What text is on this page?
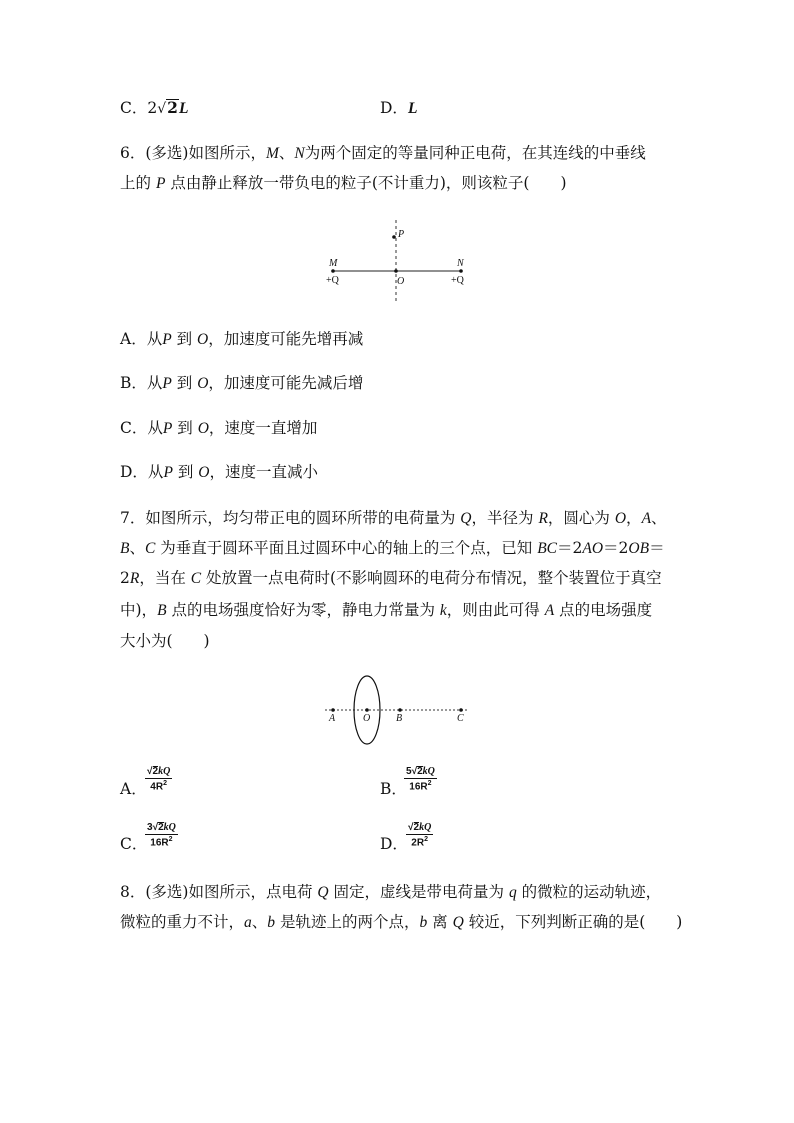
C．2√2L	D．L
6．(多选)如图所示，M、N为两个固定的等量同种正电荷，在其连线的中垂线
上的 P 点由静止释放一带负电的粒子(不计重力)，则该粒子(　　)
M	N
P
O
+Q	+Q
A．从P 到 O，加速度可能先增再减
B．从P 到 O，加速度可能先减后增
C．从P 到 O，速度一直增加
D．从P 到 O，速度一直减小
7．如图所示，均匀带正电的圆环所带的电荷量为 Q，半径为 R，圆心为 O，A、
B、C 为垂直于圆环平面且过圆环中心的轴上的三个点，已知 BC＝2AO＝2OB＝
2R，当在 C 处放置一点电荷时(不影响圆环的电荷分布情况，整个装置位于真空
中)，B 点的电场强度恰好为零，静电力常量为 k，则由此可得 A 点的电场强度
大小为(　　)
A	O	B	C
A．
$\frac{√2kQ}{4R^2}$	B．
$\frac{5√2kQ}{16R^2}$
C．
$\frac{3√2kQ}{16R^2}$	D．
$\frac{√2kQ}{2R^2}$
8．(多选)如图所示，点电荷 Q 固定，虚线是带电荷量为 q 的微粒的运动轨迹，
微粒的重力不计，a、b 是轨迹上的两个点，b 离 Q 较近，下列判断正确的是(　　)
